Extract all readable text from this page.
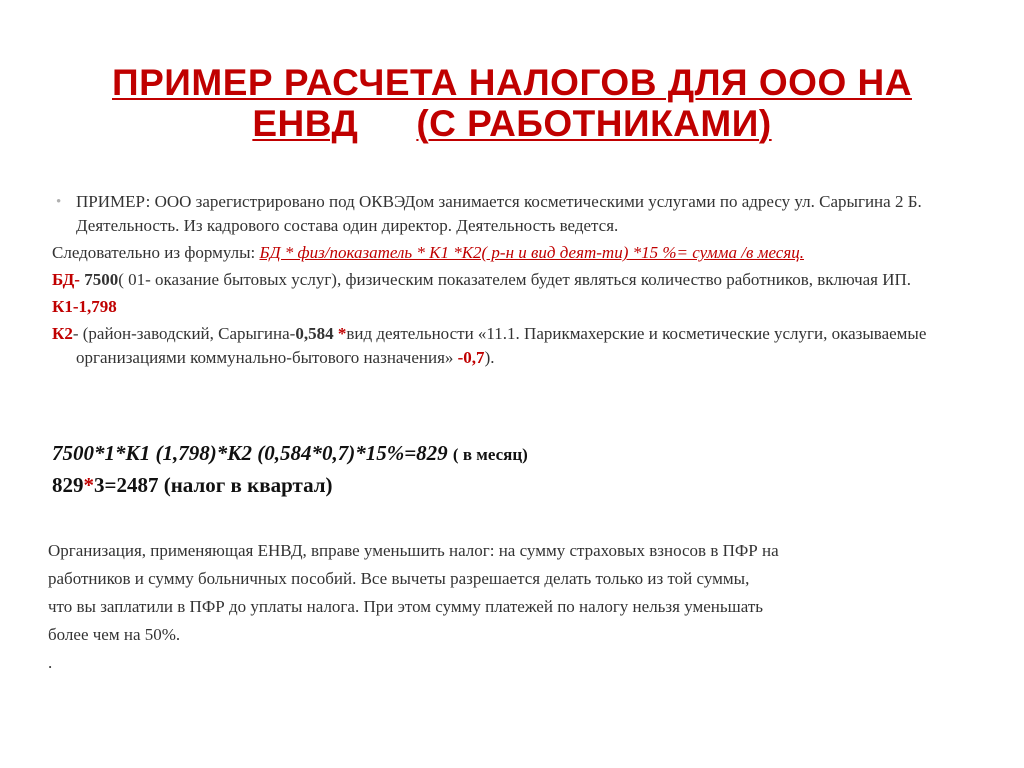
ПРИМЕР РАСЧЕТА НАЛОГОВ ДЛЯ ООО НА
ЕНВД (С РАБОТНИКАМИ)

• ПРИМЕР: ООО зарегистрировано под ОКВЭДом занимается косметическими услугами по адресу ул. Сарыгина 2 Б. Деятельность. Из кадрового состава один директор. Деятельность ведется.

Следовательно из формулы: БД * физ/показатель * К1 *К2( р-н и вид деят-ти) *15 %= сумма /в месяц.

БД- 7500( 01- оказание бытовых услуг), физическим показателем будет являться количество работников, включая ИП.

К1-1,798

К2- (район-заводский, Сарыгина-0,584 *вид деятельности «11.1. Парикмахерские и косметические услуги, оказываемые организациями коммунально-бытового назначения» -0,7).

7500*1*К1 (1,798)*К2 (0,584*0,7)*15%=829 ( в месяц)
829*3=2487 (налог в квартал)
Организация, применяющая ЕНВД, вправе уменьшить налог: на сумму страховых взносов в ПФР на
работников и сумму больничных пособий. Все вычеты разрешается делать только из той суммы,
что вы заплатили в ПФР до уплаты налога. При этом сумму платежей по налогу нельзя уменьшать
более чем на 50%.
.
